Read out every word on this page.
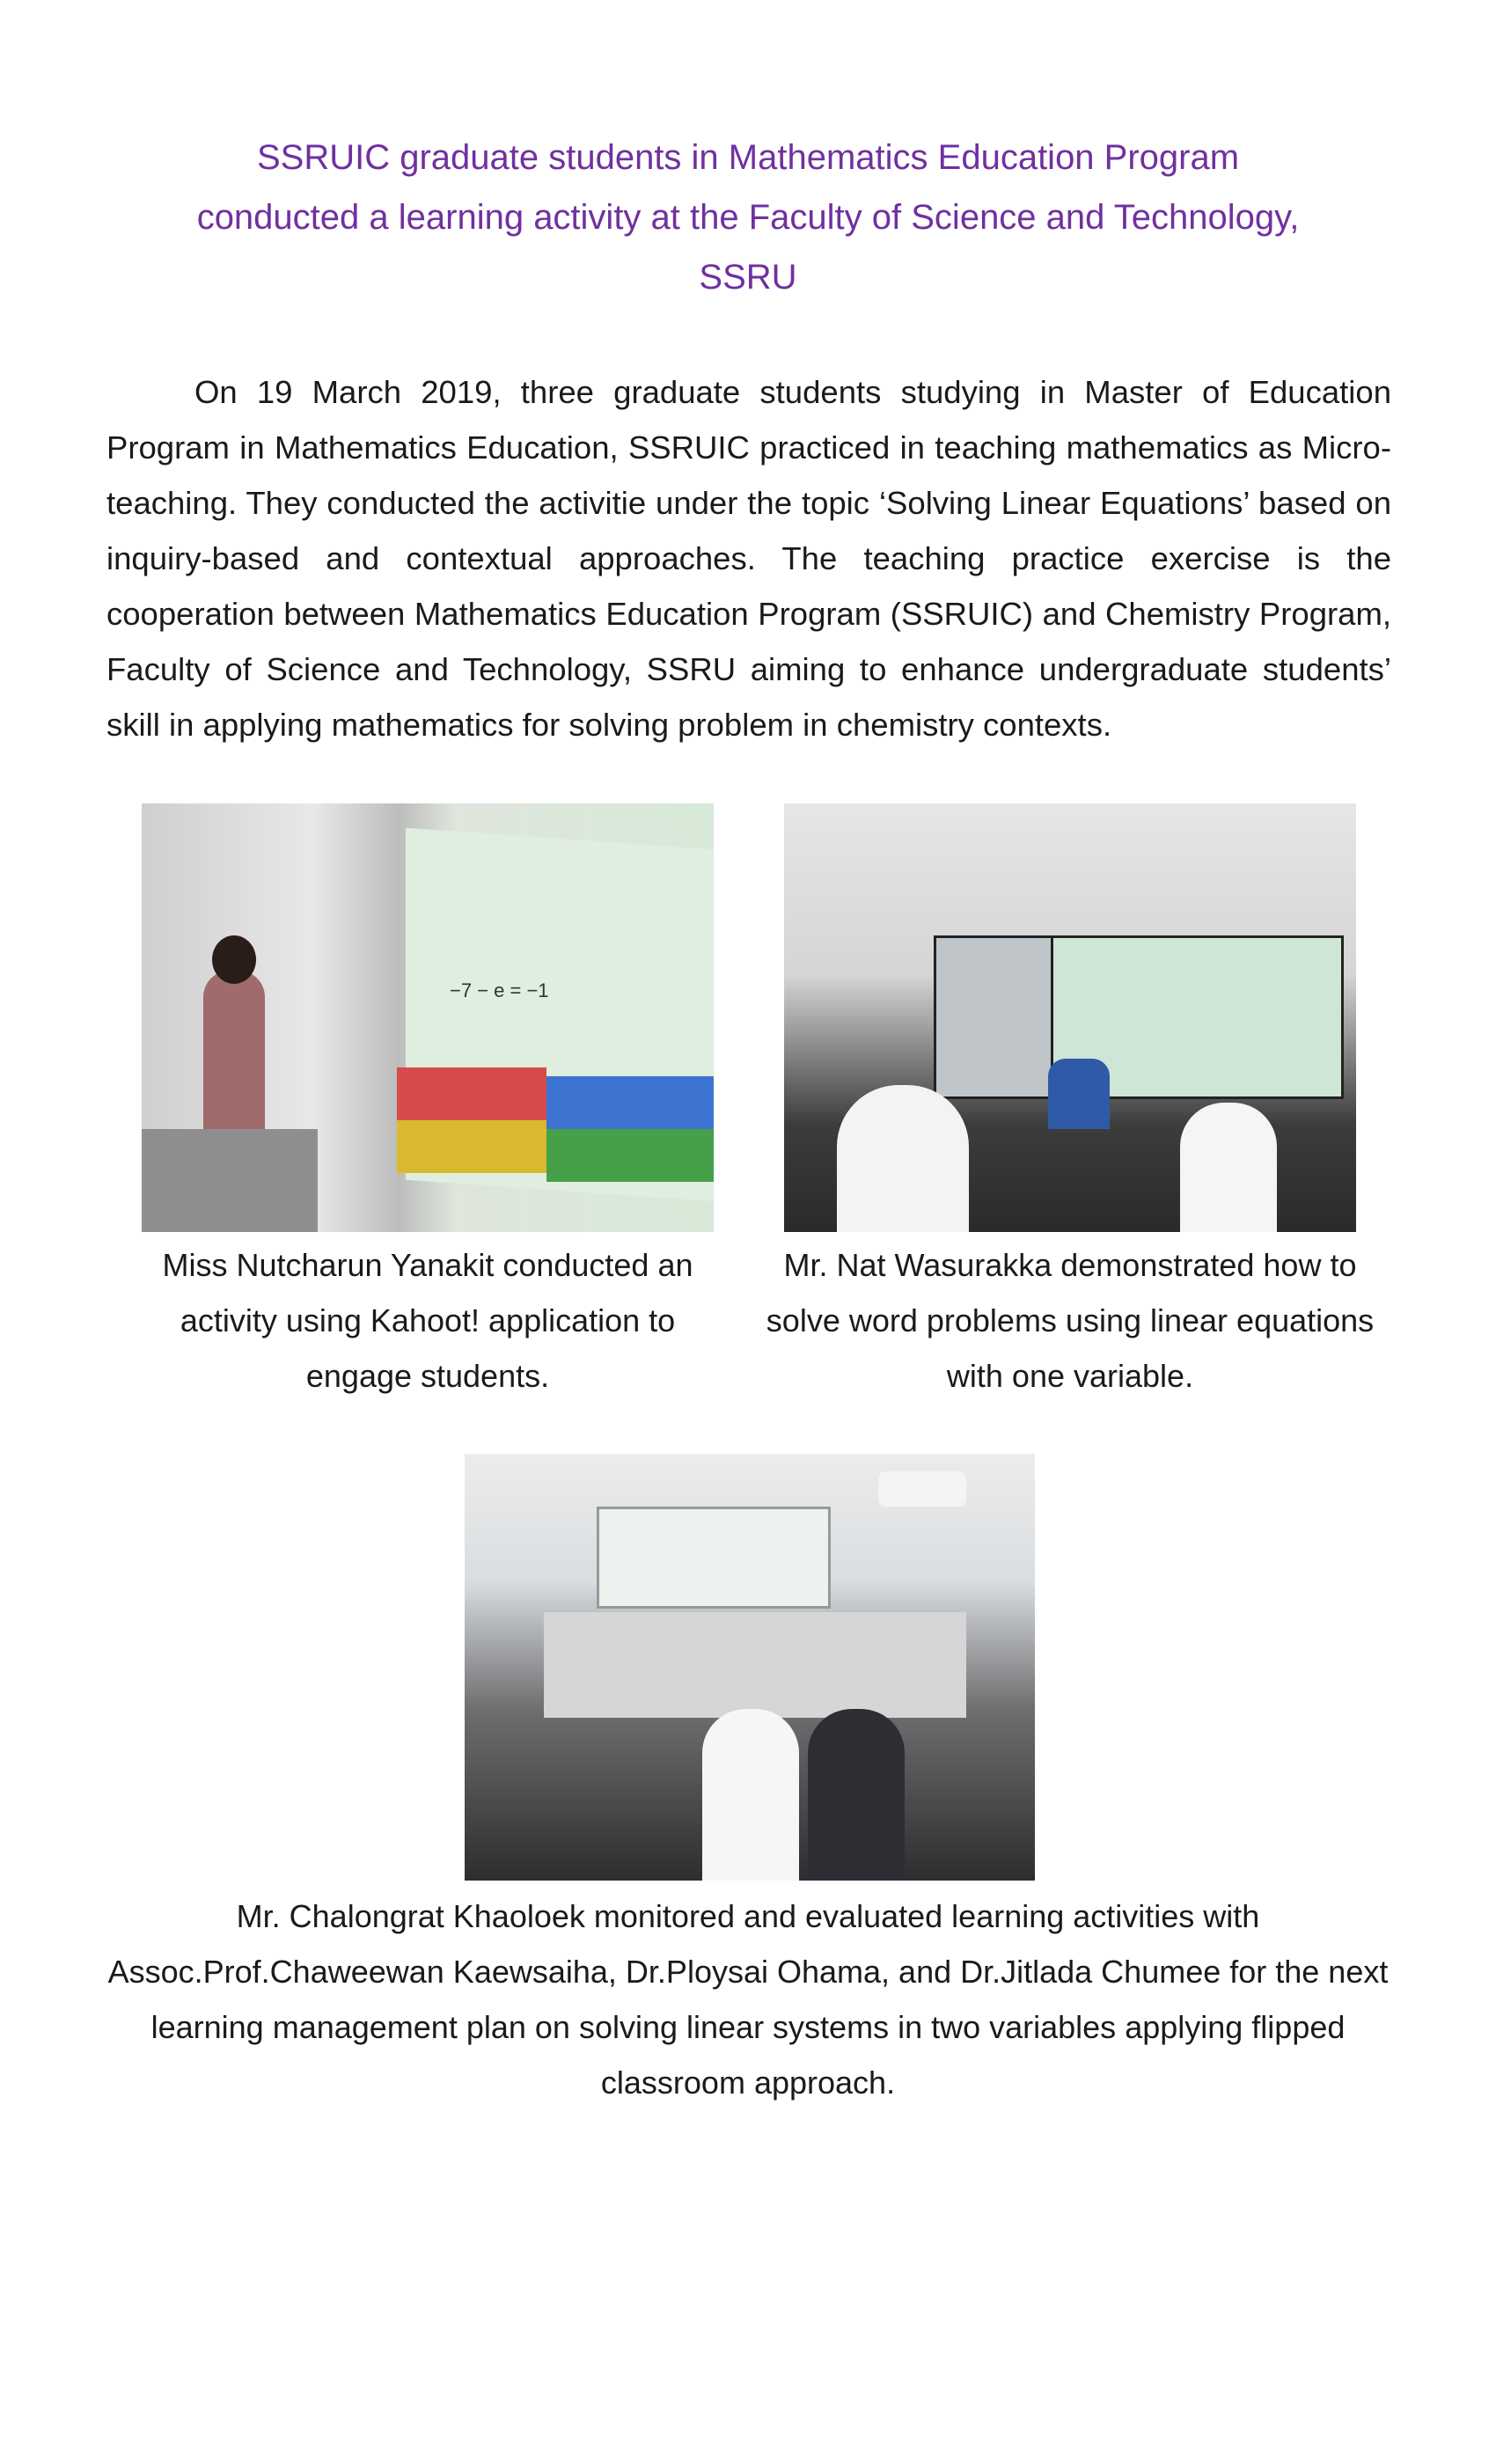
SSRUIC graduate students in Mathematics Education Program
conducted a learning activity at the Faculty of Science and Technology,
SSRU

On 19 March 2019, three graduate students studying in Master of Education Program in Mathematics Education, SSRUIC practiced in teaching mathematics as Micro-teaching. They conducted the activitie under the topic ‘Solving Linear Equations’ based on inquiry-based and contextual approaches. The teaching practice exercise is the cooperation between Mathematics Education Program (SSRUIC) and Chemistry Program, Faculty of Science and Technology, SSRU aiming to enhance undergraduate students’ skill in applying mathematics for solving problem in chemistry contexts.

−7 − e = −1
Miss Nutcharun Yanakit conducted an activity using Kahoot! application to engage students.
Mr. Nat Wasurakka demonstrated how to solve word problems using linear equations with one variable.
Mr. Chalongrat Khaoloek monitored and evaluated learning activities with Assoc.Prof.Chaweewan Kaewsaiha, Dr.Ploysai Ohama, and Dr.Jitlada Chumee for the next learning management plan on solving linear systems in two variables applying flipped classroom approach.
